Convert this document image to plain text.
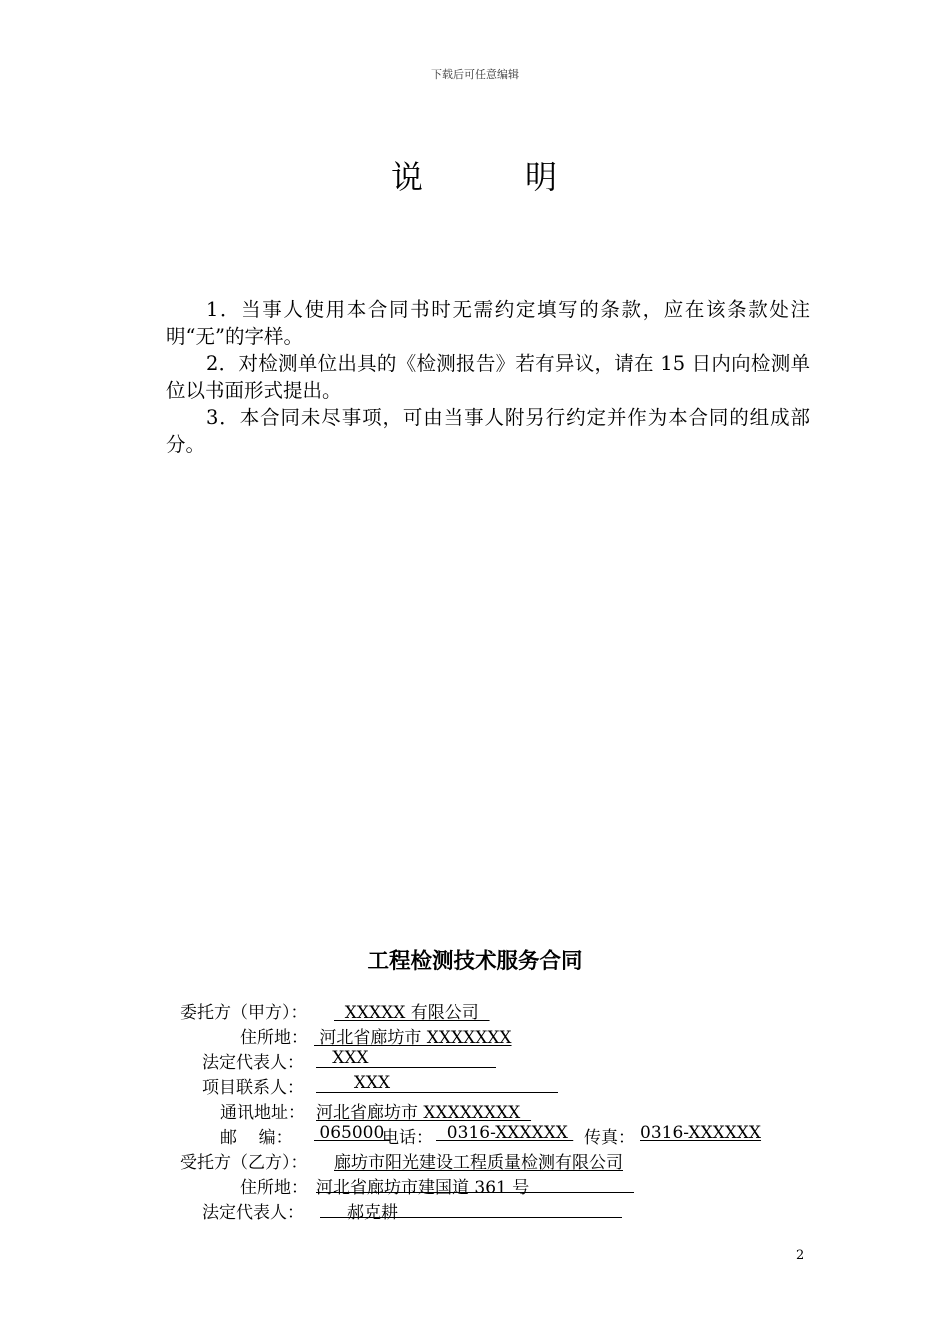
下载后可任意编辑
说	明

1．当事人使用本合同书时无需约定填写的条款，应在该条款处注明“无”的字样。

2．对检测单位出具的《检测报告》若有异议，请在 15 日内向检测单位以书面形式提出。

3．本合同未尽事项，可由当事人附另行约定并作为本合同的组成部分。

工程检测技术服务合同
委托方（甲方）： XXXXX 有限公司
住所地： 河北省廊坊市 XXXXXXX
法定代表人： XXX
项目联系人： XXX
通讯地址： 河北省廊坊市 XXXXXXXX
邮    编： 065000
电话： 0316-XXXXXX 传真： 0316-XXXXXX
受托方（乙方）： 廊坊市阳光建设工程质量检测有限公司
住所地： 河北省廊坊市建国道 361 号
法定代表人： 郝克耕
2
